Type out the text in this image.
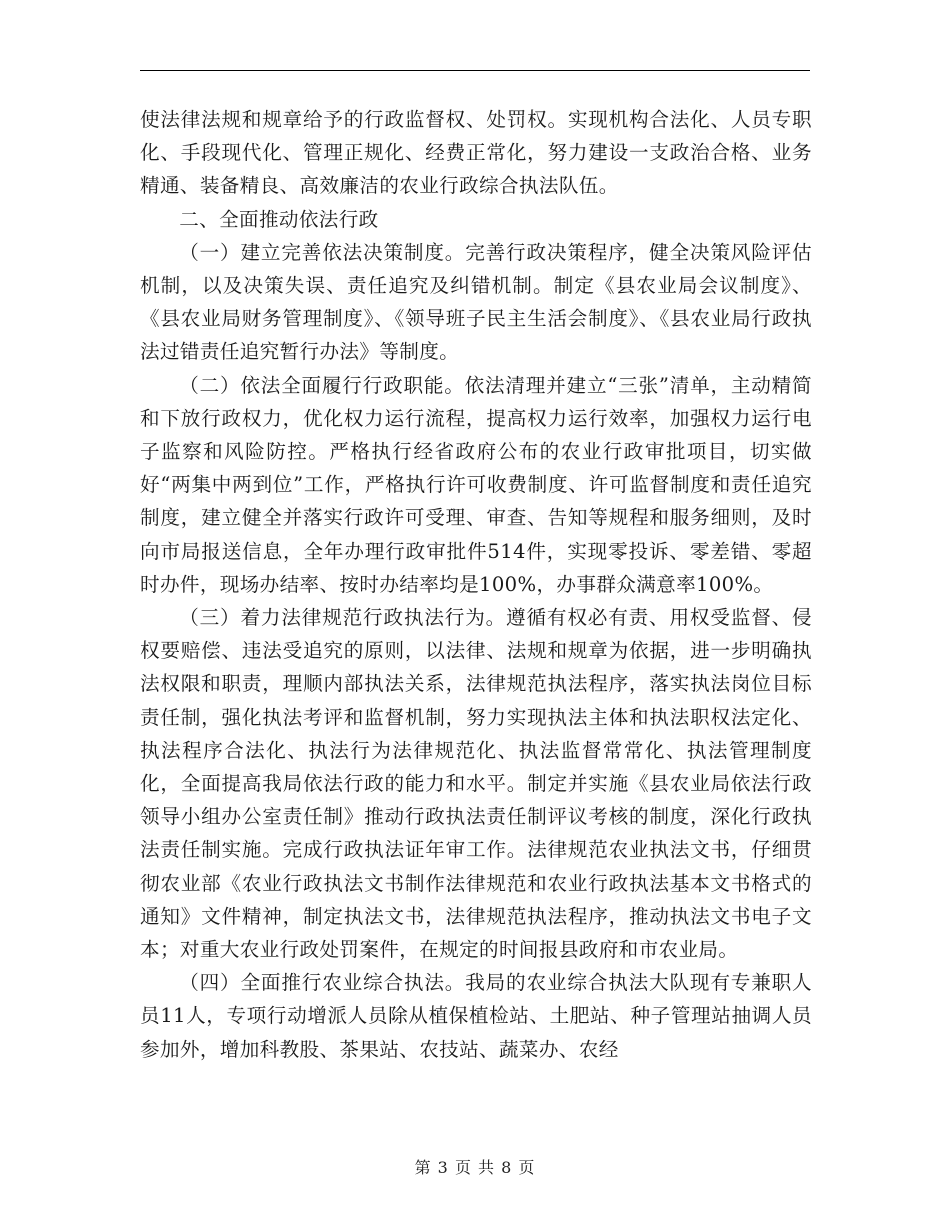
使法律法规和规章给予的行政监督权、处罚权。实现机构合法化、人员专职化、手段现代化、管理正规化、经费正常化，努力建设一支政治合格、业务精通、装备精良、高效廉洁的农业行政综合执法队伍。

二、全面推动依法行政

（一）建立完善依法决策制度。完善行政决策程序，健全决策风险评估机制，以及决策失误、责任追究及纠错机制。制定《县农业局会议制度》、《县农业局财务管理制度》、《领导班子民主生活会制度》、《县农业局行政执法过错责任追究暂行办法》等制度。

（二）依法全面履行行政职能。依法清理并建立“三张”清单，主动精简和下放行政权力，优化权力运行流程，提高权力运行效率，加强权力运行电子监察和风险防控。严格执行经省政府公布的农业行政审批项目，切实做好“两集中两到位”工作，严格执行许可收费制度、许可监督制度和责任追究制度，建立健全并落实行政许可受理、审查、告知等规程和服务细则，及时向市局报送信息，全年办理行政审批件514件，实现零投诉、零差错、零超时办件，现场办结率、按时办结率均是100%，办事群众满意率100%。

（三）着力法律规范行政执法行为。遵循有权必有责、用权受监督、侵权要赔偿、违法受追究的原则，以法律、法规和规章为依据，进一步明确执法权限和职责，理顺内部执法关系，法律规范执法程序，落实执法岗位目标责任制，强化执法考评和监督机制，努力实现执法主体和执法职权法定化、执法程序合法化、执法行为法律规范化、执法监督常常化、执法管理制度化，全面提高我局依法行政的能力和水平。制定并实施《县农业局依法行政领导小组办公室责任制》推动行政执法责任制评议考核的制度，深化行政执法责任制实施。完成行政执法证年审工作。法律规范农业执法文书，仔细贯彻农业部《农业行政执法文书制作法律规范和农业行政执法基本文书格式的通知》文件精神，制定执法文书，法律规范执法程序，推动执法文书电子文本；对重大农业行政处罚案件，在规定的时间报县政府和市农业局。

（四）全面推行农业综合执法。我局的农业综合执法大队现有专兼职人员11人，专项行动增派人员除从植保植检站、土肥站、种子管理站抽调人员参加外，增加科教股、茶果站、农技站、蔬菜办、农经

第 3 页 共 8 页
